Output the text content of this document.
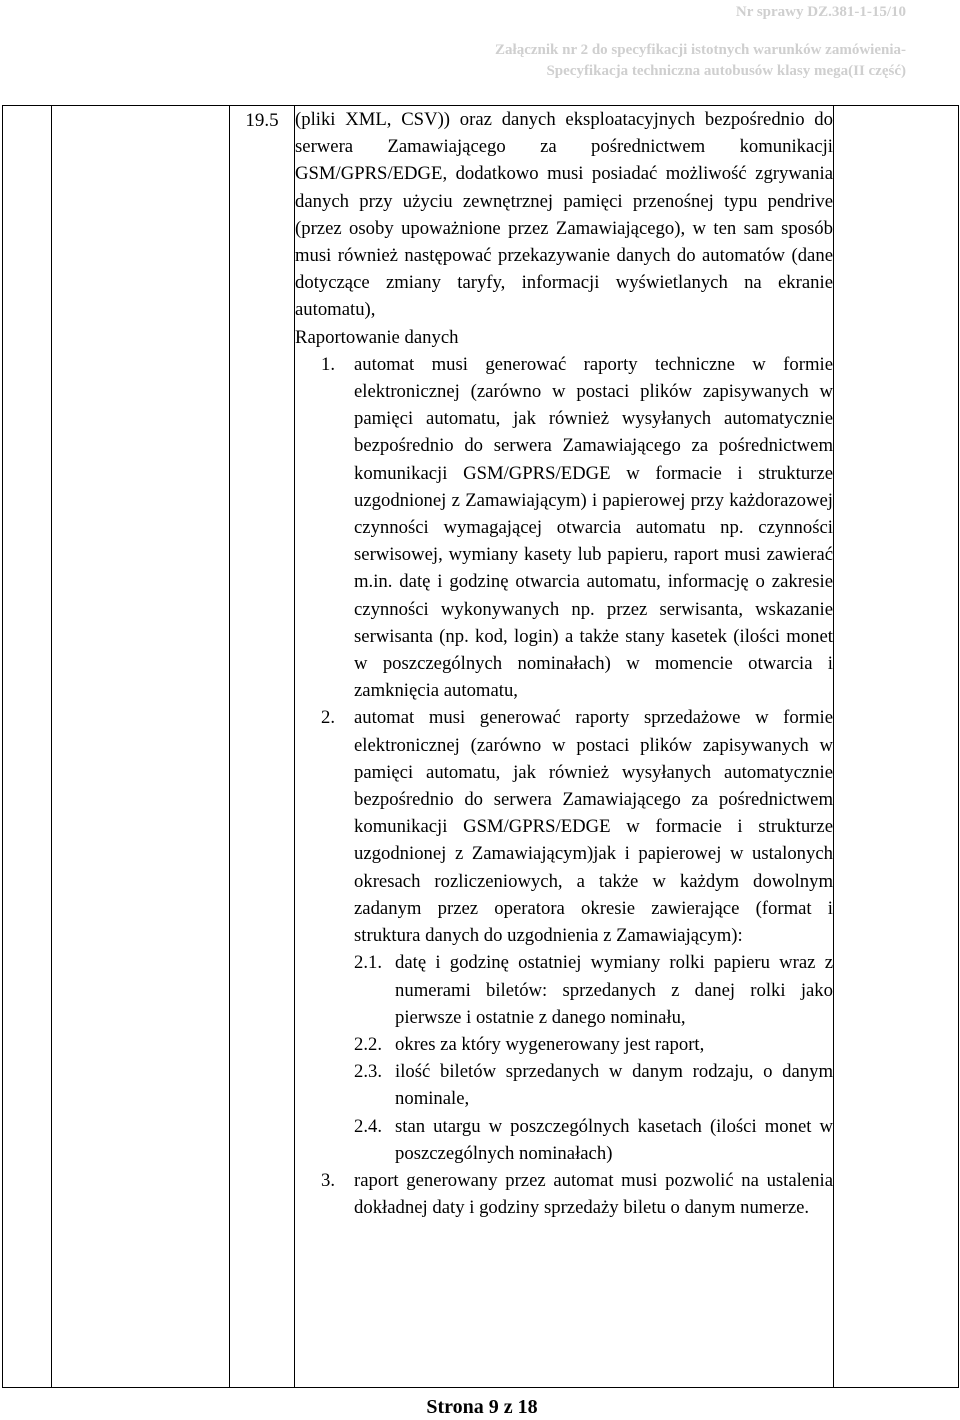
Nr sprawy DZ.381-1-15/10
Załącznik nr 2 do specyfikacji istotnych warunków zamówienia-
Specyfikacja techniczna autobusów klasy mega(II część)
		19.5	(pliki XML, CSV)) oraz danych eksploatacyjnych bezpośrednio do serwera Zamawiającego za pośrednictwem komunikacji GSM/GPRS/EDGE, dodatkowo musi posiadać możliwość zgrywania danych przy użyciu zewnętrznej pamięci przenośnej typu pendrive (przez osoby upoważnione przez Zamawiającego), w ten sam sposób musi również następować przekazywanie danych do automatów (dane dotyczące zmiany taryfy, informacji wyświetlanych na ekranie automatu),
Raportowanie danych
1.	automat musi generować raporty techniczne w formie elektronicznej (zarówno w postaci plików zapisywanych w pamięci automatu, jak również wysyłanych automatycznie bezpośrednio do serwera Zamawiającego za pośrednictwem komunikacji GSM/GPRS/EDGE w formacie i strukturze uzgodnionej z Zamawiającym) i papierowej przy każdorazowej czynności wymagającej otwarcia automatu np. czynności serwisowej, wymiany kasety lub papieru, raport musi zawierać m.in. datę i godzinę otwarcia automatu, informację o zakresie czynności wykonywanych np. przez serwisanta, wskazanie serwisanta (np. kod, login) a także stany kasetek (ilości monet w poszczególnych nominałach) w momencie otwarcia i zamknięcia automatu,
2.	automat musi generować raporty sprzedażowe w formie elektronicznej (zarówno w postaci plików zapisywanych w pamięci automatu, jak również wysyłanych automatycznie bezpośrednio do serwera Zamawiającego za pośrednictwem komunikacji GSM/GPRS/EDGE w formacie i strukturze uzgodnionej z Zamawiającym)jak i papierowej w ustalonych okresach rozliczeniowych, a także w każdym dowolnym zadanym przez operatora okresie zawierające (format i struktura danych do uzgodnienia z Zamawiającym):
2.1. datę i godzinę ostatniej wymiany rolki papieru wraz z numerami biletów: sprzedanych z danej rolki jako pierwsze i ostatnie z danego nominału,
2.2. okres za który wygenerowany jest raport,
2.3. ilość biletów sprzedanych w danym rodzaju, o danym nominale,
2.4. stan utargu w poszczególnych kasetach (ilości monet w poszczególnych nominałach)
3.	raport generowany przez automat musi pozwolić na ustalenia dokładnej daty i godziny sprzedaży biletu o danym numerze.

Strona 9 z 18
